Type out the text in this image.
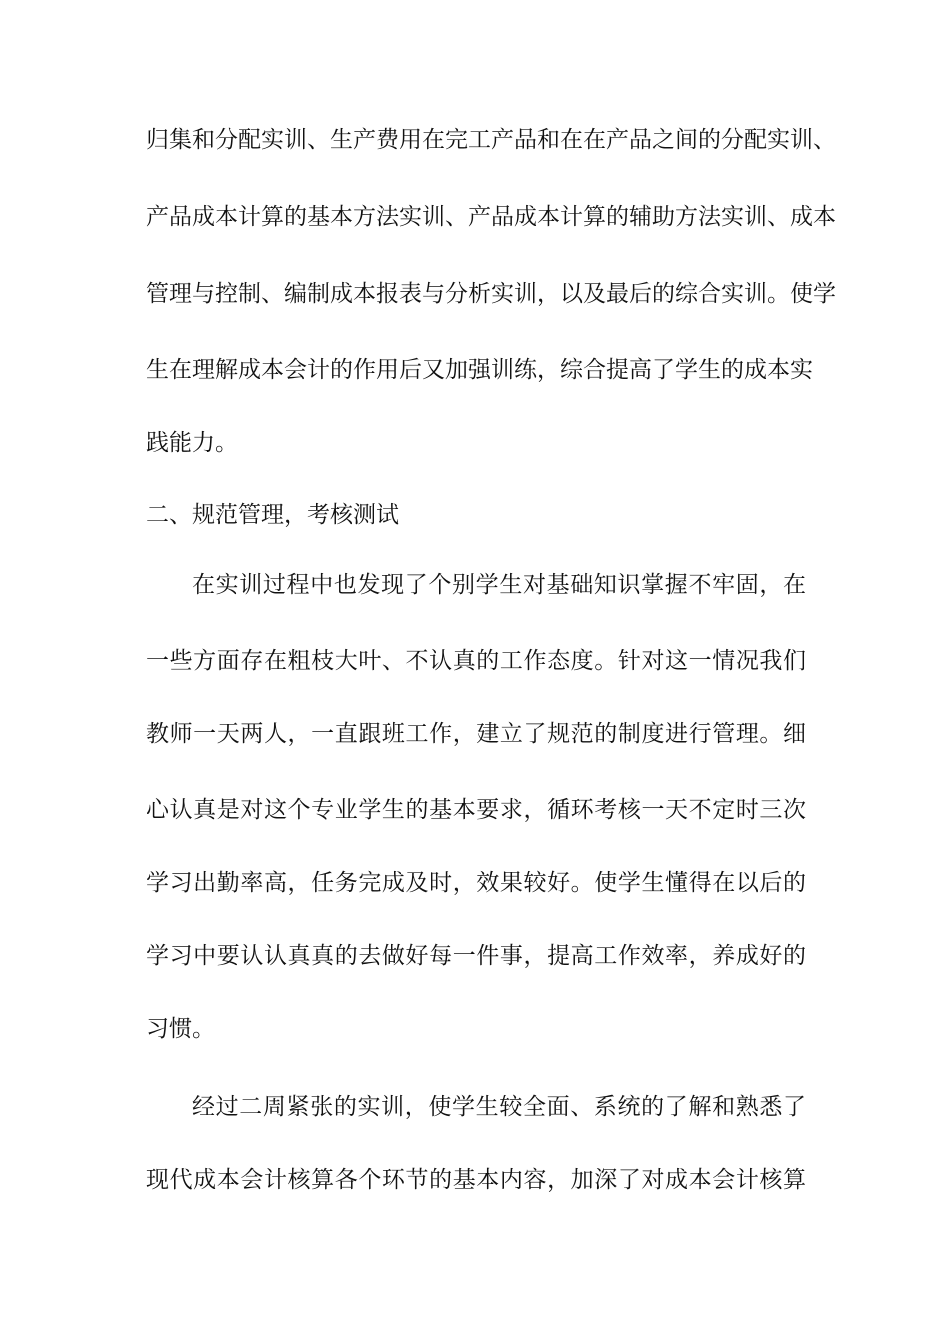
归集和分配实训、生产费用在完工产品和在在产品之间的分配实训、
产品成本计算的基本方法实训、产品成本计算的辅助方法实训、成本
管理与控制、编制成本报表与分析实训，以及最后的综合实训。使学
生在理解成本会计的作用后又加强训练，综合提高了学生的成本实
践能力。
二、规范管理，考核测试
在实训过程中也发现了个别学生对基础知识掌握不牢固，在
一些方面存在粗枝大叶、不认真的工作态度。针对这一情况我们
教师一天两人，一直跟班工作，建立了规范的制度进行管理。细
心认真是对这个专业学生的基本要求，循环考核一天不定时三次
学习出勤率高，任务完成及时，效果较好。使学生懂得在以后的
学习中要认认真真的去做好每一件事，提高工作效率，养成好的
习惯。
经过二周紧张的实训，使学生较全面、系统的了解和熟悉了
现代成本会计核算各个环节的基本内容，加深了对成本会计核算
